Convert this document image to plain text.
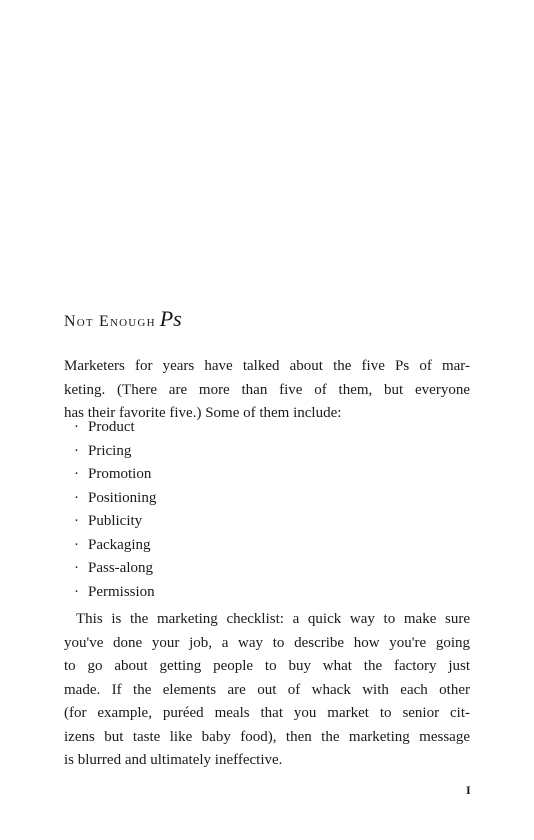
Not Enough Ps
Marketers for years have talked about the five Ps of mar-
keting. (There are more than five of them, but everyone
has their favorite five.) Some of them include:
· Product
· Pricing
· Promotion
· Positioning
· Publicity
· Packaging
· Pass-along
· Permission
This is the marketing checklist: a quick way to make sure
you've done your job, a way to describe how you're going
to go about getting people to buy what the factory just
made. If the elements are out of whack with each other
(for example, puréed meals that you market to senior cit-
izens but taste like baby food), then the marketing message
is blurred and ultimately ineffective.
I
